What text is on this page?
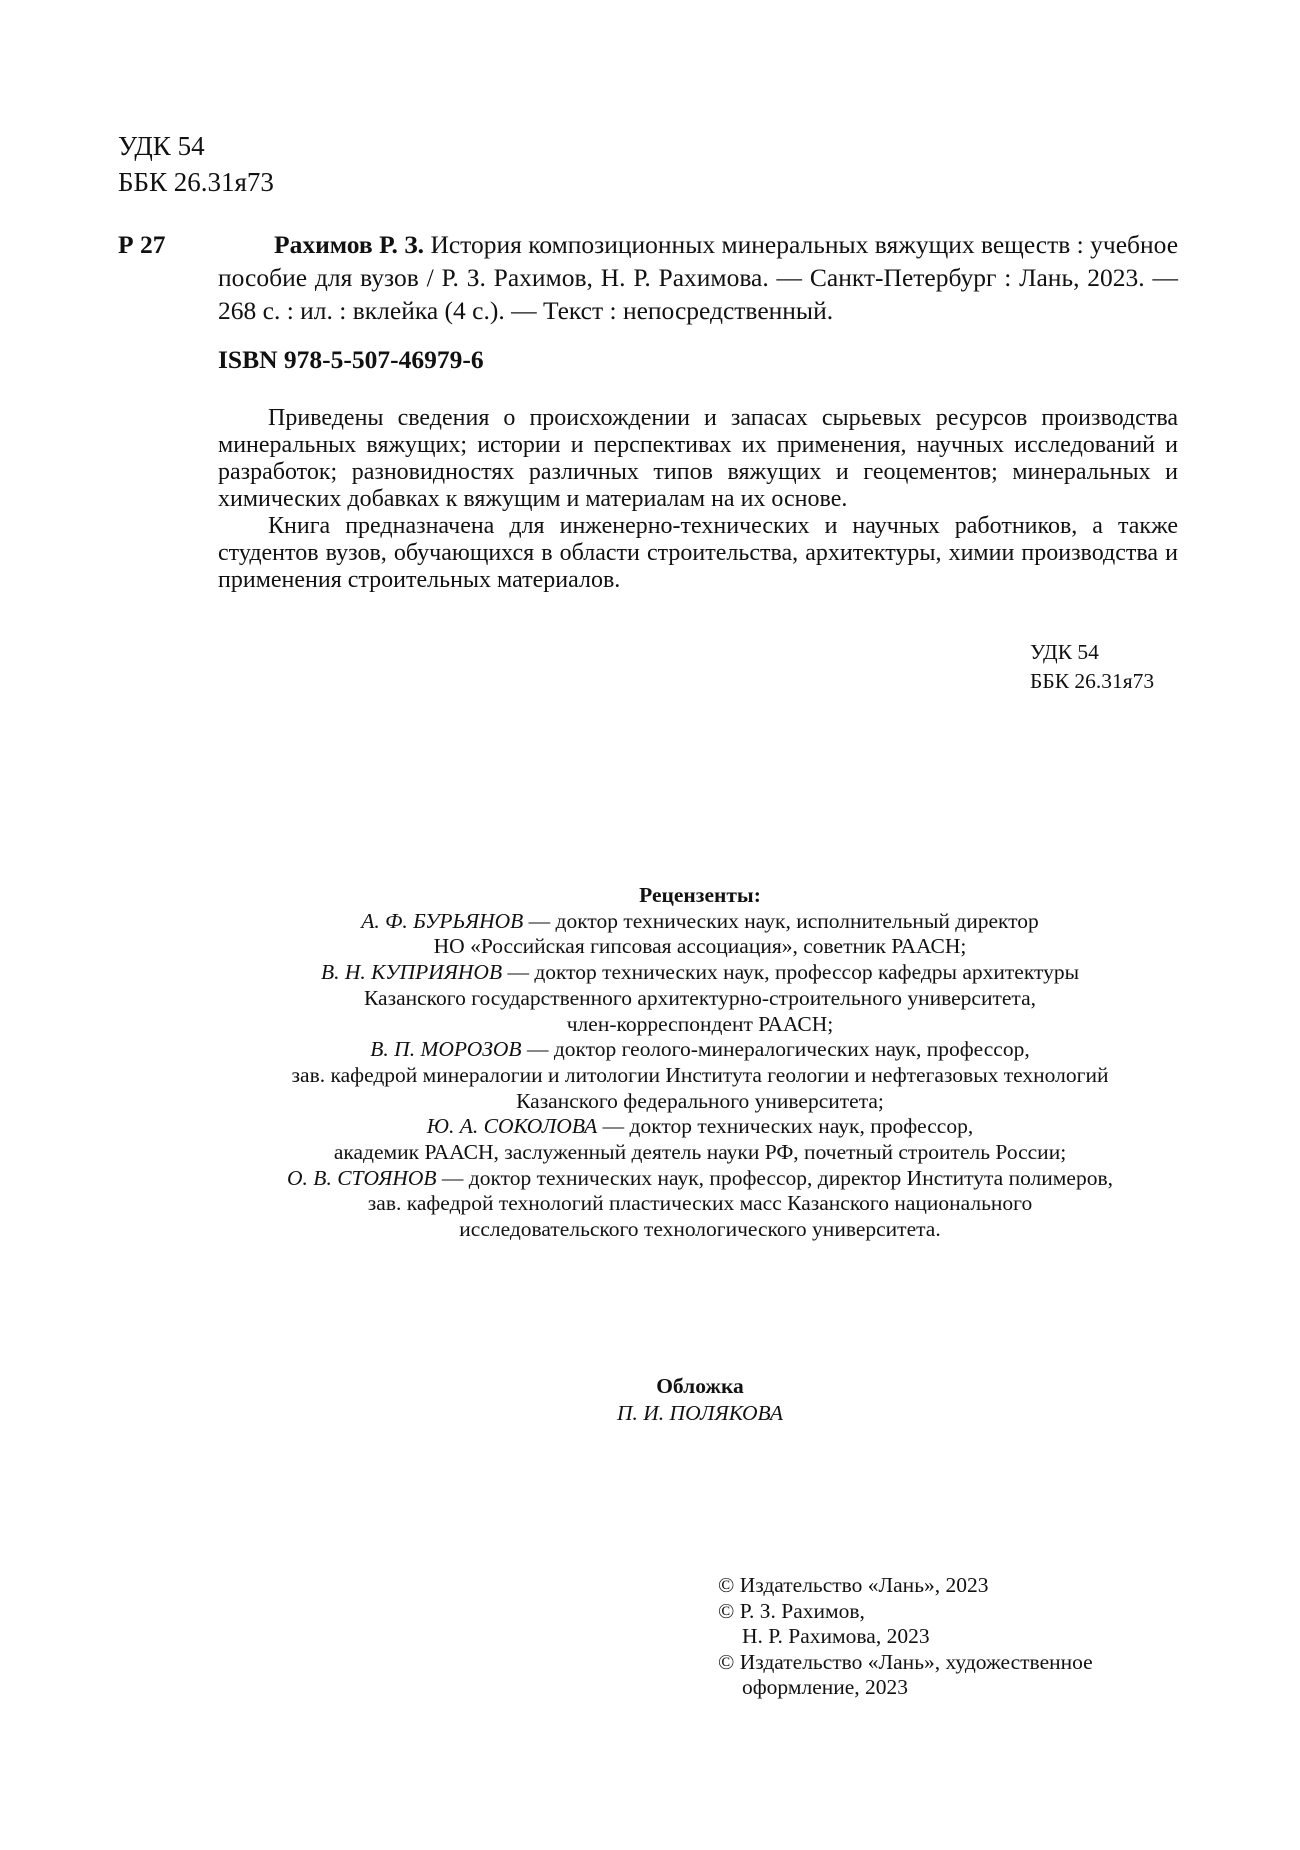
УДК 54
ББК 26.31я73
Р 27	Рахимов Р. З. История композиционных минеральных вяжущих веществ : учебное пособие для вузов / Р. З. Рахимов, Н. Р. Рахимова. — Санкт-Петербург : Лань, 2023. — 268 с. : ил. : вклейка (4 с.). — Текст : непосредственный.
ISBN 978-5-507-46979-6

Приведены сведения о происхождении и запасах сырьевых ресурсов производства минеральных вяжущих; истории и перспективах их применения, научных исследований и разработок; разновидностях различных типов вяжущих и геоцементов; минеральных и химических добавках к вяжущим и материалам на их основе.

Книга предназначена для инженерно-технических и научных работников, а также студентов вузов, обучающихся в области строительства, архитектуры, химии производства и применения строительных материалов.

УДК 54
ББК 26.31я73
Рецензенты:
А. Ф. БУРЬЯНОВ — доктор технических наук, исполнительный директор
НО «Российская гипсовая ассоциация», советник РААСН;
В. Н. КУПРИЯНОВ — доктор технических наук, профессор кафедры архитектуры
Казанского государственного архитектурно-строительного университета,
член-корреспондент РААСН;
В. П. МОРОЗОВ — доктор геолого-минералогических наук, профессор,
зав. кафедрой минералогии и литологии Института геологии и нефтегазовых технологий
Казанского федерального университета;
Ю. А. СОКОЛОВА — доктор технических наук, профессор,
академик РААСН, заслуженный деятель науки РФ, почетный строитель России;
О. В. СТОЯНОВ — доктор технических наук, профессор, директор Института полимеров,
зав. кафедрой технологий пластических масс Казанского национального
исследовательского технологического университета.
Обложка
П. И. ПОЛЯКОВА
© Издательство «Лань», 2023
© Р. З. Рахимов,
Н. Р. Рахимова, 2023
© Издательство «Лань», художественное
оформление, 2023
